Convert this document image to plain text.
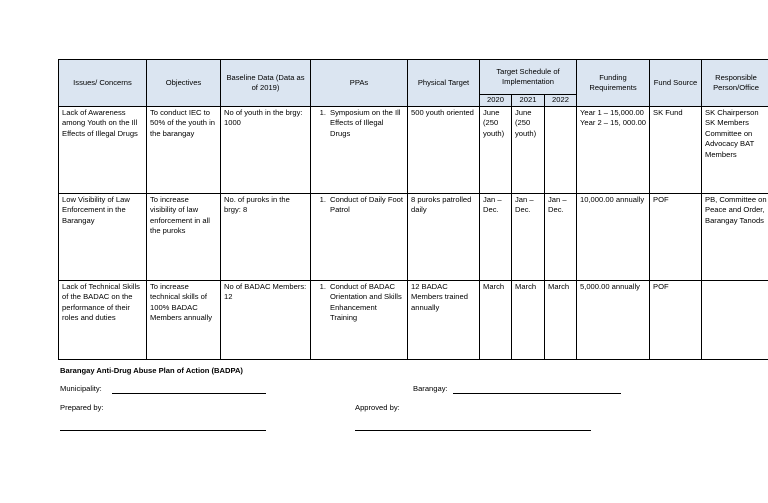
Issues/ Concerns	Objectives	Baseline Data (Data as of 2019)	PPAs	Physical Target	Target Schedule of Implementation			Funding Requirements	Fund Source	Responsible Person/Office
					2020	2021	2022			
Lack of Awareness among Youth on the Ill Effects of Illegal Drugs	To conduct IEC to 50% of the youth in the barangay	No of youth in the brgy: 1000	1. Symposium on the Ill Effects of Illegal Drugs	500 youth oriented	June (250 youth)	June (250 youth)		Year 1 – 15,000.00 Year 2 – 15, 000.00	SK Fund	SK Chairperson SK Members Committee on Advocacy BAT Members
Low Visibility of Law Enforcement in the Barangay	To increase visibility of law enforcement in all the puroks	No. of puroks in the brgy: 8	1. Conduct of Daily Foot Patrol	8 puroks patrolled daily	Jan – Dec.	Jan – Dec.	Jan – Dec.	10,000.00 annually	POF	PB, Committee on Peace and Order, Barangay Tanods
Lack of Technical Skills of the BADAC on the performance of their roles and duties	To increase technical skills of 100% BADAC Members annually	No of BADAC Members: 12	1. Conduct of BADAC Orientation and Skills Enhancement Training	12 BADAC Members trained annually	March	March	March	5,000.00 annually	POF	
Barangay Anti-Drug Abuse Plan of Action (BADPA)
Municipality:	Barangay:
Prepared by:	Approved by:
